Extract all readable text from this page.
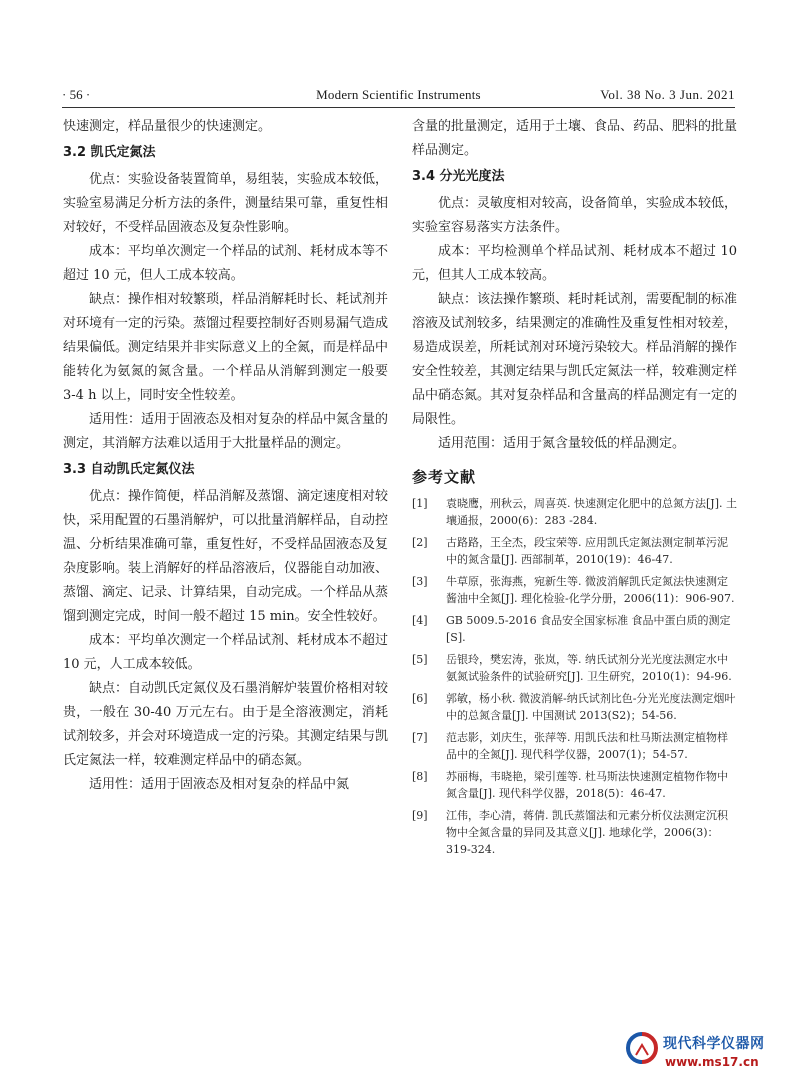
· 56 ·	Modern Scientific Instruments	Vol. 38 No. 3 Jun. 2021

快速测定，样品量很少的快速测定。

3.2 凯氏定氮法

优点：实验设备装置简单，易组装，实验成本较低，实验室易满足分析方法的条件，测量结果可靠，重复性相对较好，不受样品固液态及复杂性影响。

成本：平均单次测定一个样品的试剂、耗材成本等不超过 10 元，但人工成本较高。

缺点：操作相对较繁琐，样品消解耗时长、耗试剂并对环境有一定的污染。蒸馏过程要控制好否则易漏气造成结果偏低。测定结果并非实际意义上的全氮，而是样品中能转化为氨氮的氮含量。一个样品从消解到测定一般要 3-4 h 以上，同时安全性较差。

适用性：适用于固液态及相对复杂的样品中氮含量的测定，其消解方法难以适用于大批量样品的测定。

3.3 自动凯氏定氮仪法

优点：操作简便，样品消解及蒸馏、滴定速度相对较快，采用配置的石墨消解炉，可以批量消解样品，自动控温、分析结果准确可靠，重复性好，不受样品固液态及复杂度影响。装上消解好的样品溶液后，仪器能自动加液、蒸馏、滴定、记录、计算结果，自动完成。一个样品从蒸馏到测定完成，时间一般不超过 15 min。安全性较好。

成本：平均单次测定一个样品试剂、耗材成本不超过 10 元，人工成本较低。

缺点：自动凯氏定氮仪及石墨消解炉装置价格相对较贵，一般在 30-40 万元左右。由于是全溶液测定，消耗试剂较多，并会对环境造成一定的污染。其测定结果与凯氏定氮法一样，较难测定样品中的硝态氮。

适用性：适用于固液态及相对复杂的样品中氮

含量的批量测定，适用于土壤、食品、药品、肥料的批量样品测定。

3.4 分光光度法

优点：灵敏度相对较高，设备简单，实验成本较低，实验室容易落实方法条件。

成本：平均检测单个样品试剂、耗材成本不超过 10 元，但其人工成本较高。

缺点：该法操作繁琐、耗时耗试剂，需要配制的标准溶液及试剂较多，结果测定的准确性及重复性相对较差，易造成误差，所耗试剂对环境污染较大。样品消解的操作安全性较差，其测定结果与凯氏定氮法一样，较难测定样品中硝态氮。其对复杂样品和含量高的样品测定有一定的局限性。

适用范围：适用于氮含量较低的样品测定。

参考文献
[1] 袁晓鹰，刑秋云，周喜英. 快速测定化肥中的总氮方法[J]. 土壤通报，2000(6)：283 -284.
[2] 古路路，王全杰，段宝荣等. 应用凯氏定氮法测定制革污泥中的氮含量[J]. 西部制革，2010(19)：46-47.
[3] 牛草原，张海燕，宛新生等. 微波消解凯氏定氮法快速测定酱油中全氮[J]. 理化检验-化学分册，2006(11)：906-907.
[4] GB 5009.5-2016 食品安全国家标准 食品中蛋白质的测定[S].
[5] 岳银玲，樊宏涛，张岚，等. 纳氏试剂分光光度法测定水中氨氮试验条件的试验研究[J]. 卫生研究，2010(1)：94-96.
[6] 郭敏，杨小秋. 微波消解-纳氏试剂比色-分光光度法测定烟叶中的总氮含量[J]. 中国测试 2013(S2)；54-56.
[7] 范志影，刘庆生，张萍等. 用凯氏法和杜马斯法测定植物样品中的全氮[J]. 现代科学仪器，2007(1)；54-57.
[8] 苏丽梅，韦晓艳，梁引莲等. 杜马斯法快速测定植物作物中氮含量[J]. 现代科学仪器，2018(5)：46-47.
[9] 江伟，李心清，蒋倩. 凯氏蒸馏法和元素分析仪法测定沉积物中全氮含量的异同及其意义[J]. 地球化学，2006(3)：319-324.
现代科学仪器网
www.ms17.cn
